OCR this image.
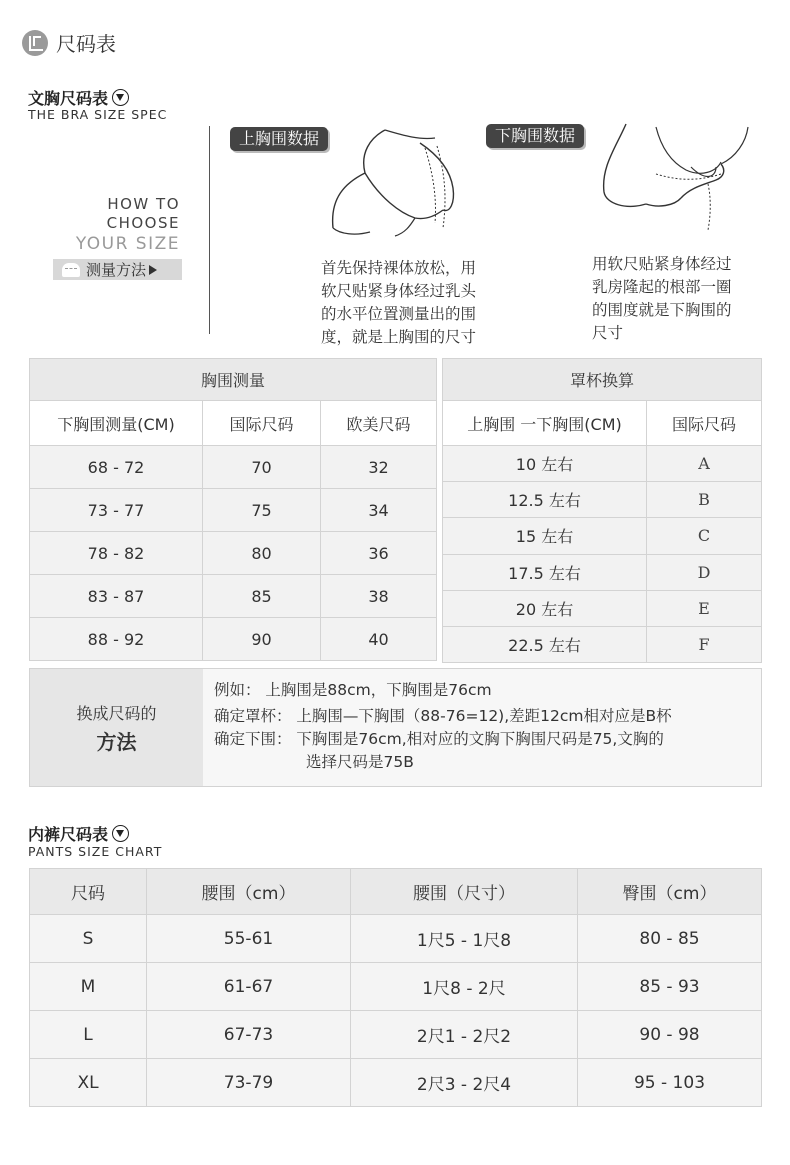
尺码表
文胸尺码表
THE BRA SIZE SPEC
HOW TO
CHOOSE
YOUR SIZE
测量方法
上胸围数据
首先保持裸体放松，用
软尺贴紧身体经过乳头
的水平位置测量出的围
度，就是上胸围的尺寸
下胸围数据
用软尺贴紧身体经过
乳房隆起的根部一圈
的围度就是下胸围的
尺寸
胸围测量		
下胸围测量(CM)	国际尺码	欧美尺码
68 - 72	70	32
73 - 77	75	34
78 - 82	80	36
83 - 87	85	38
88 - 92	90	40
罩杯换算	
上胸围 一下胸围(CM)	国际尺码
10 左右	A
12.5 左右	B
15 左右	C
17.5 左右	D
20 左右	E
22.5 左右	F
换成尺码的
方法
例如： 上胸围是88cm，下胸围是76cm
确定罩杯： 上胸围—下胸围（88-76=12),差距12cm相对应是B杯
确定下围： 下胸围是76cm,相对应的文胸下胸围尺码是75,文胸的
选择尺码是75B
内裤尺码表
PANTS SIZE CHART
尺码	腰围（cm）	腰围（尺寸）	臀围（cm）
S	55-61	1尺5 - 1尺8	80 - 85
M	61-67	1尺8 - 2尺	85 - 93
L	67-73	2尺1 - 2尺2	90 - 98
XL	73-79	2尺3 - 2尺4	95 - 103
